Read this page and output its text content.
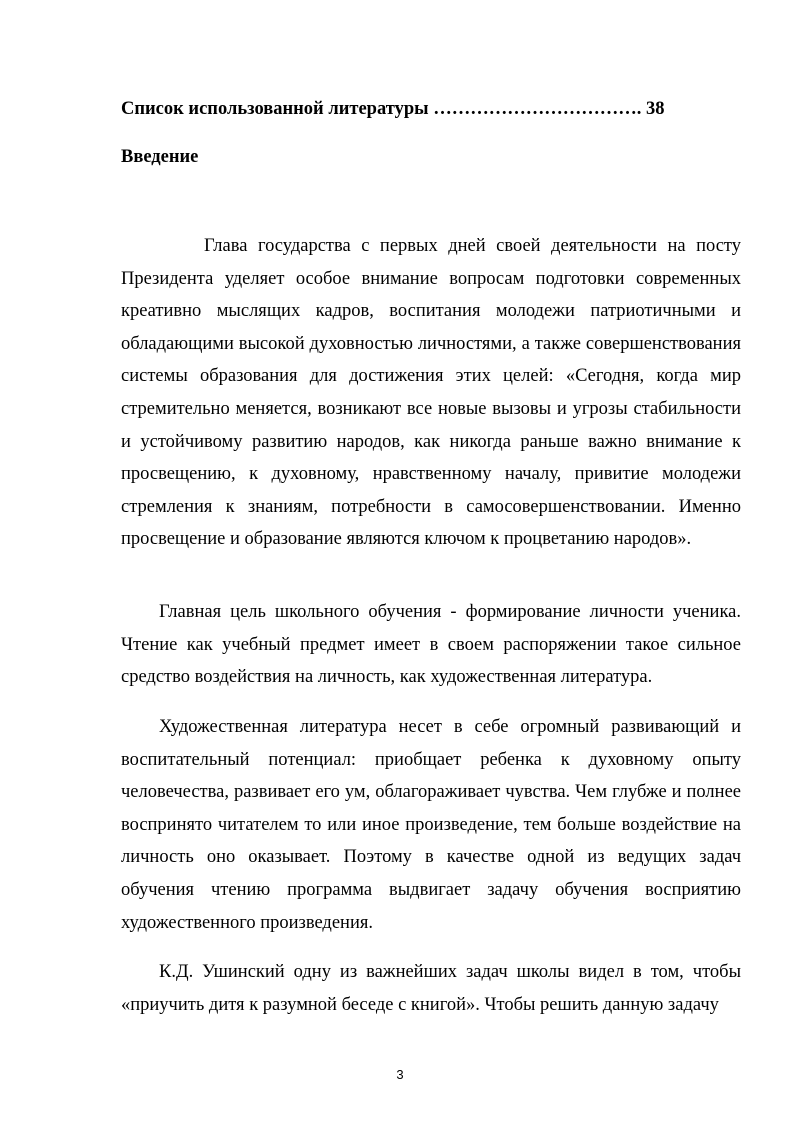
Список использованной литературы ……………………………. 38
Введение
Глава государства с первых дней своей деятельности на посту Президента уделяет особое внимание вопросам подготовки современных креативно мыслящих кадров, воспитания молодежи патриотичными и обладающими высокой духовностью личностями, а также совершенствования системы образования для достижения этих целей: «Сегодня, когда мир стремительно меняется, возникают все новые вызовы и угрозы стабильности и устойчивому развитию народов, как никогда раньше важно внимание к просвещению, к духовному, нравственному началу, привитие молодежи стремления к знаниям, потребности в самосовершенствовании. Именно просвещение и образование являются ключом к процветанию народов».
Главная цель школьного обучения - формирование личности ученика. Чтение как учебный предмет имеет в своем распоряжении такое сильное средство воздействия на личность, как художественная литература.
Художественная литература несет в себе огромный развивающий и воспитательный потенциал: приобщает ребенка к духовному опыту человечества, развивает его ум, облагораживает чувства. Чем глубже и полнее воспринято читателем то или иное произведение, тем больше воздействие на личность оно оказывает. Поэтому в качестве одной из ведущих задач обучения чтению программа выдвигает задачу обучения восприятию художественного произведения.
К.Д. Ушинский одну из важнейших задач школы видел в том, чтобы «приучить дитя к разумной беседе с книгой». Чтобы решить данную задачу
3
